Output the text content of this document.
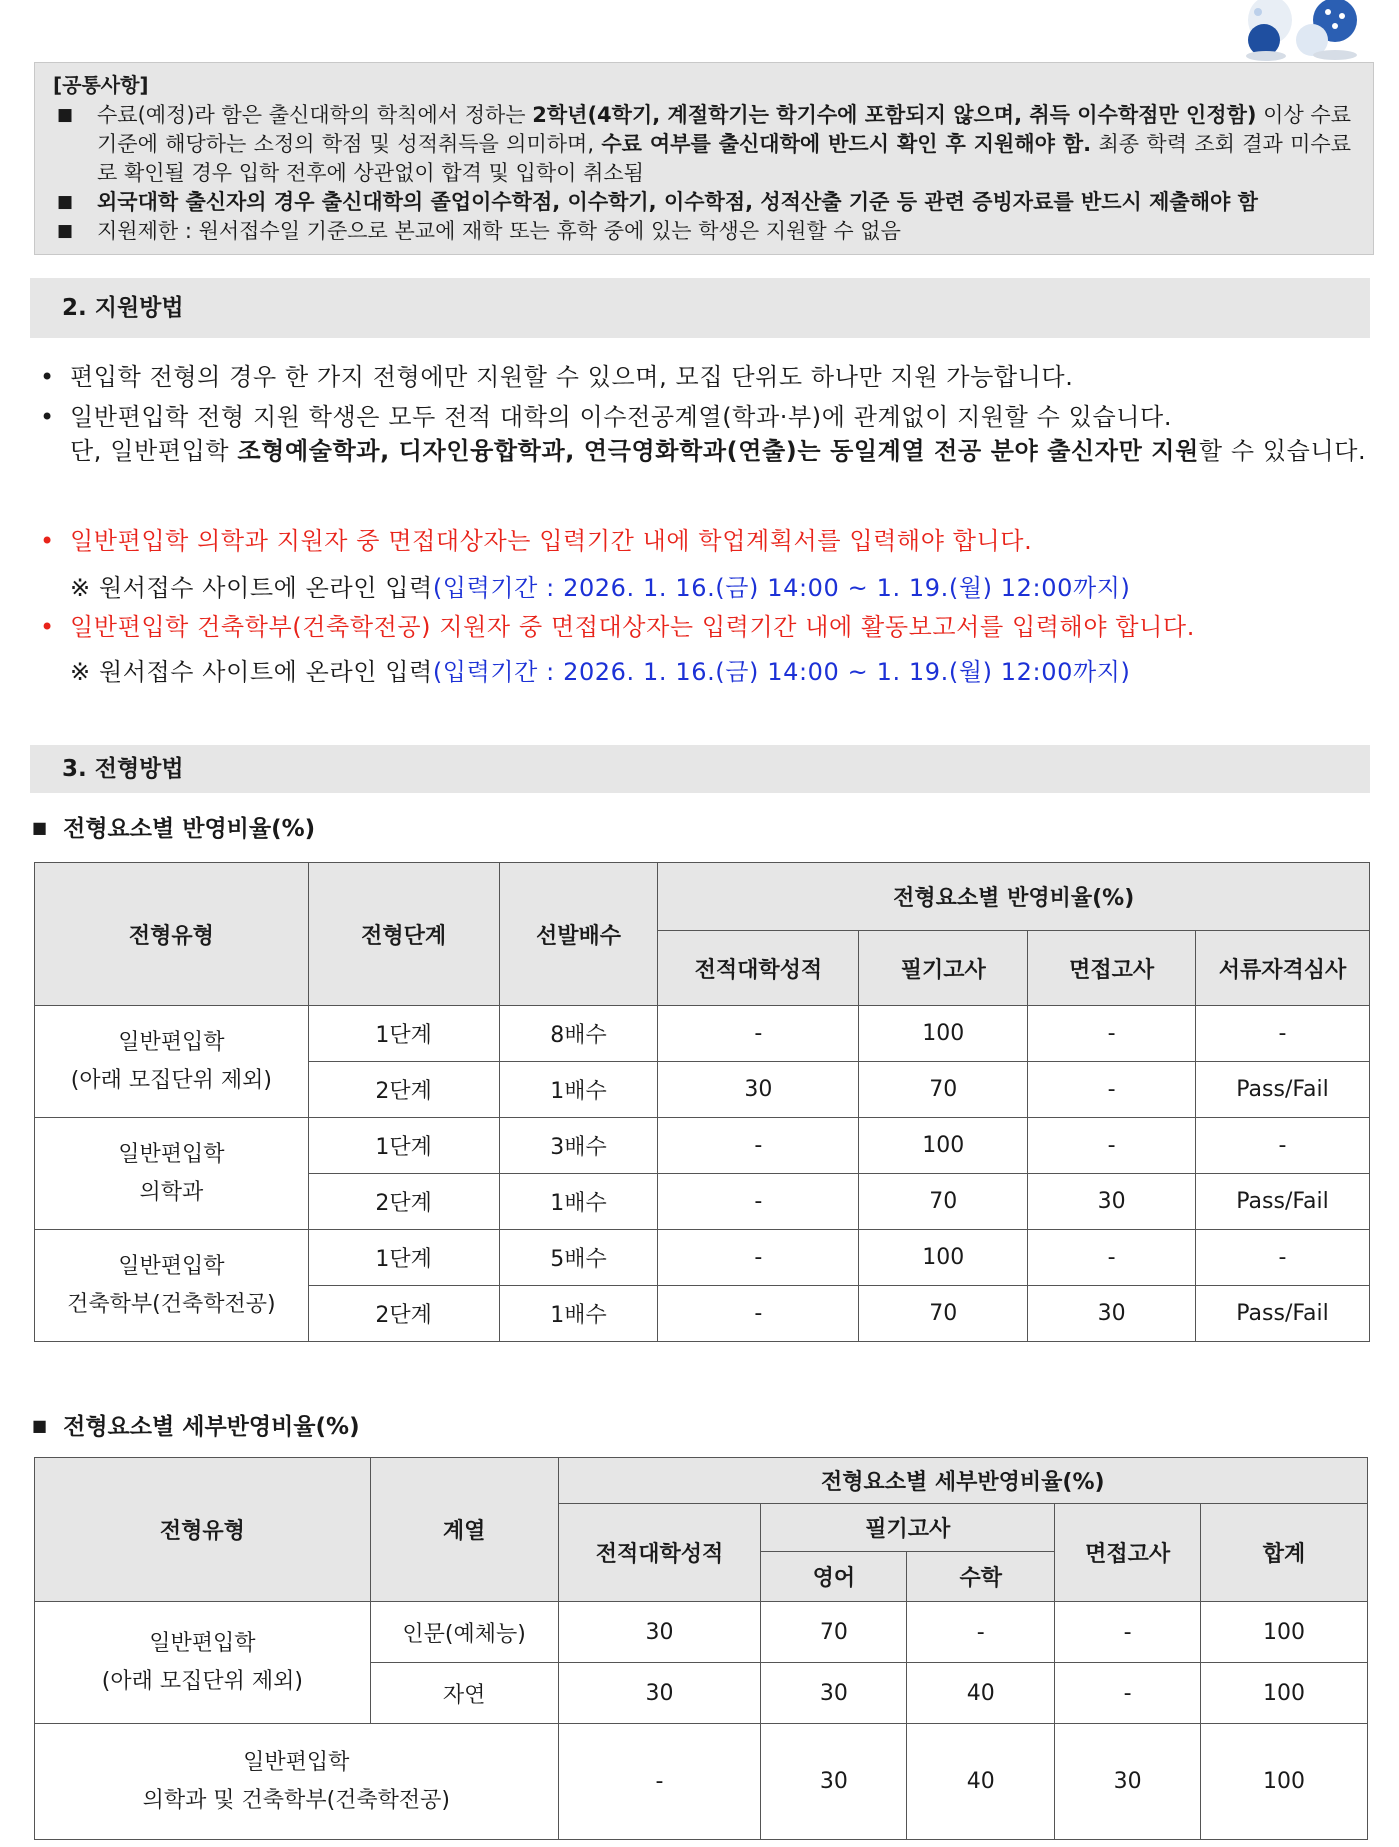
[공통사항]
■ 수료(예정)라 함은 출신대학의 학칙에서 정하는 2학년(4학기, 계절학기는 학기수에 포함되지 않으며, 취득 이수학점만 인정함) 이상 수료 기준에 해당하는 소정의 학점 및 성적취득을 의미하며, 수료 여부를 출신대학에 반드시 확인 후 지원해야 함. 최종 학력 조회 결과 미수료로 확인될 경우 입학 전후에 상관없이 합격 및 입학이 취소됨
■ 외국대학 출신자의 경우 출신대학의 졸업이수학점, 이수학기, 이수학점, 성적산출 기준 등 관련 증빙자료를 반드시 제출해야 함
■ 지원제한 : 원서접수일 기준으로 본교에 재학 또는 휴학 중에 있는 학생은 지원할 수 없음
2. 지원방법
• 편입학 전형의 경우 한 가지 전형에만 지원할 수 있으며, 모집 단위도 하나만 지원 가능합니다.
• 일반편입학 전형 지원 학생은 모두 전적 대학의 이수전공계열(학과·부)에 관계없이 지원할 수 있습니다.
단, 일반편입학 조형예술학과, 디자인융합학과, 연극영화학과(연출)는 동일계열 전공 분야 출신자만 지원할 수 있습니다.
• 일반편입학 의학과 지원자 중 면접대상자는 입력기간 내에 학업계획서를 입력해야 합니다.
※ 원서접수 사이트에 온라인 입력(입력기간 : 2026. 1. 16.(금) 14:00 ~ 1. 19.(월) 12:00까지)
• 일반편입학 건축학부(건축학전공) 지원자 중 면접대상자는 입력기간 내에 활동보고서를 입력해야 합니다.
※ 원서접수 사이트에 온라인 입력(입력기간 : 2026. 1. 16.(금) 14:00 ~ 1. 19.(월) 12:00까지)
3. 전형방법
■ 전형요소별 반영비율(%)
전형유형	전형단계	선발배수	전형요소별 반영비율(%)			
			전적대학성적	필기고사	면접고사	서류자격심사
일반편입학
(아래 모집단위 제외)	1단계	8배수	-	100	-	-
	2단계	1배수	30	70	-	Pass/Fail
일반편입학
의학과	1단계	3배수	-	100	-	-
	2단계	1배수	-	70	30	Pass/Fail
일반편입학
건축학부(건축학전공)	1단계	5배수	-	100	-	-
	2단계	1배수	-	70	30	Pass/Fail
■ 전형요소별 세부반영비율(%)
전형유형	계열	전형요소별 세부반영비율(%)				
		전적대학성적	필기고사		면접고사	합계
			영어	수학		
일반편입학
(아래 모집단위 제외)	인문(예체능)	30	70	-	-	100
	자연	30	30	40	-	100
일반편입학
의학과 및 건축학부(건축학전공)		-	30	40	30	100
